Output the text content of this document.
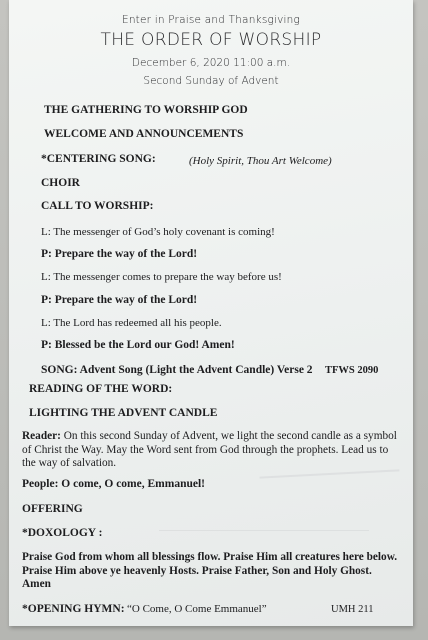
Enter in Praise and Thanksgiving
THE ORDER OF WORSHIP
December 6, 2020 11:00 a.m.
Second Sunday of Advent
THE GATHERING TO WORSHIP GOD
WELCOME AND ANNOUNCEMENTS
*CENTERING SONG:	(Holy Spirit, Thou Art Welcome)
CHOIR
CALL TO WORSHIP:
L: The messenger of God’s holy covenant is coming!
P: Prepare the way of the Lord!
L: The messenger comes to prepare the way before us!
P: Prepare the way of the Lord!
L: The Lord has redeemed all his people.
P: Blessed be the Lord our God! Amen!
SONG: Advent Song (Light the Advent Candle) Verse 2 TFWS 2090
READING OF THE WORD:
LIGHTING THE ADVENT CANDLE
Reader: On this second Sunday of Advent, we light the second candle as a symbol of Christ the Way. May the Word sent from God through the prophets. Lead us to the way of salvation.
People: O come, O come, Emmanuel!
OFFERING
*DOXOLOGY :
Praise God from whom all blessings flow. Praise Him all creatures here below. Praise Him above ye heavenly Hosts. Praise Father, Son and Holy Ghost. Amen
*OPENING HYMN: “O Come, O Come Emmanuel”	UMH 211
